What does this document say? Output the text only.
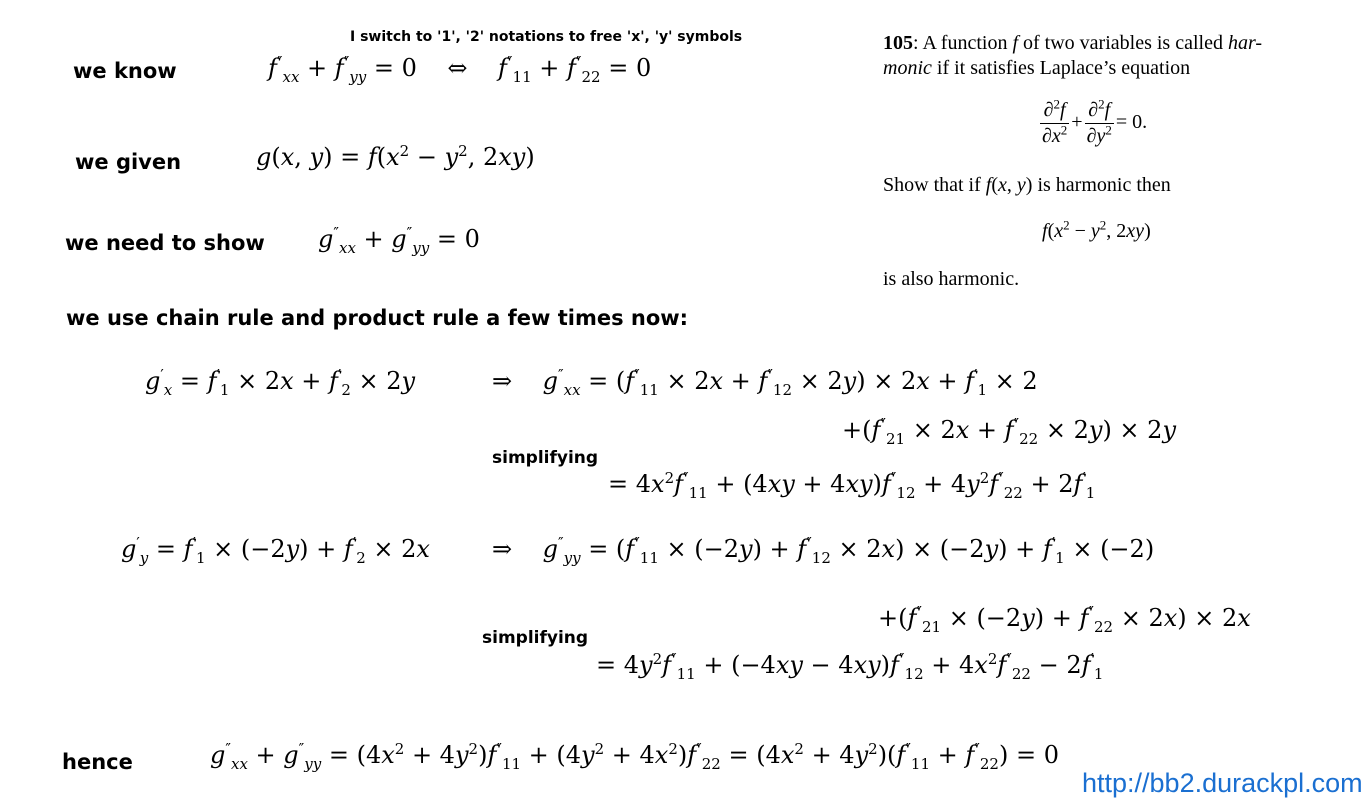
I switch to '1', '2' notations to free 'x', 'y' symbols
we know	$f''_{xx} + f''_{yy} = 0$    ⇔    $f''_{11} + f''_{22} = 0$
we given	g(x, $y) = f(x^2 - y^2$, 2xy)
we need to show $g''_{xx} + g''_{yy} = 0$
we use chain rule and product rule a few times now:
$g'_x = f'_1 \times 2x + f'_2 \times 2y$	⇒    $g''_{xx} = (f''_{11} \times 2x + f''_{12} \times 2y) \times 2x + f'_1 \times 2$
$+(f''_{21} \times 2x + f''_{22} \times 2y) \times 2y$
simplifying
= $4x^2f''_{11} + (4xy + 4xy)f''_{12} + 4y^2f''_{22} + 2f'_1$
$g'_y = f'_1 \times (-2y) + f'_2 \times 2x$	⇒    $g''_{yy} = (f''_{11} \times (-2y) + f''_{12} \times 2x) \times (-2y) + f'_1 \times (-2)$
$+(f''_{21} \times (-2y) + f''_{22} \times 2x) \times 2x$
simplifying
= $4y^2f''_{11} + (-4xy - 4xy)f''_{12} + 4x^2f''_{22} - 2f'_1$
hence	$g''_{xx} + g''_{yy} = (4x^2 + 4y^2)f''_{11} + (4y^2 + 4x^2)f''_{22} = (4x^2 + 4y^2)(f''_{11} + f''_{22}) = 0$
105: A function f of two variables is called har-
monic if it satisfies Laplace’s equation
$\frac{\partial^2f}{\partial x^2} + \frac{\partial^2f}{\partial y^2} = 0$.
Show that if f(x, y) is harmonic then
$f(x^2 - y^2$, 2xy)
is also harmonic.
http://bb2.durackpl.com
